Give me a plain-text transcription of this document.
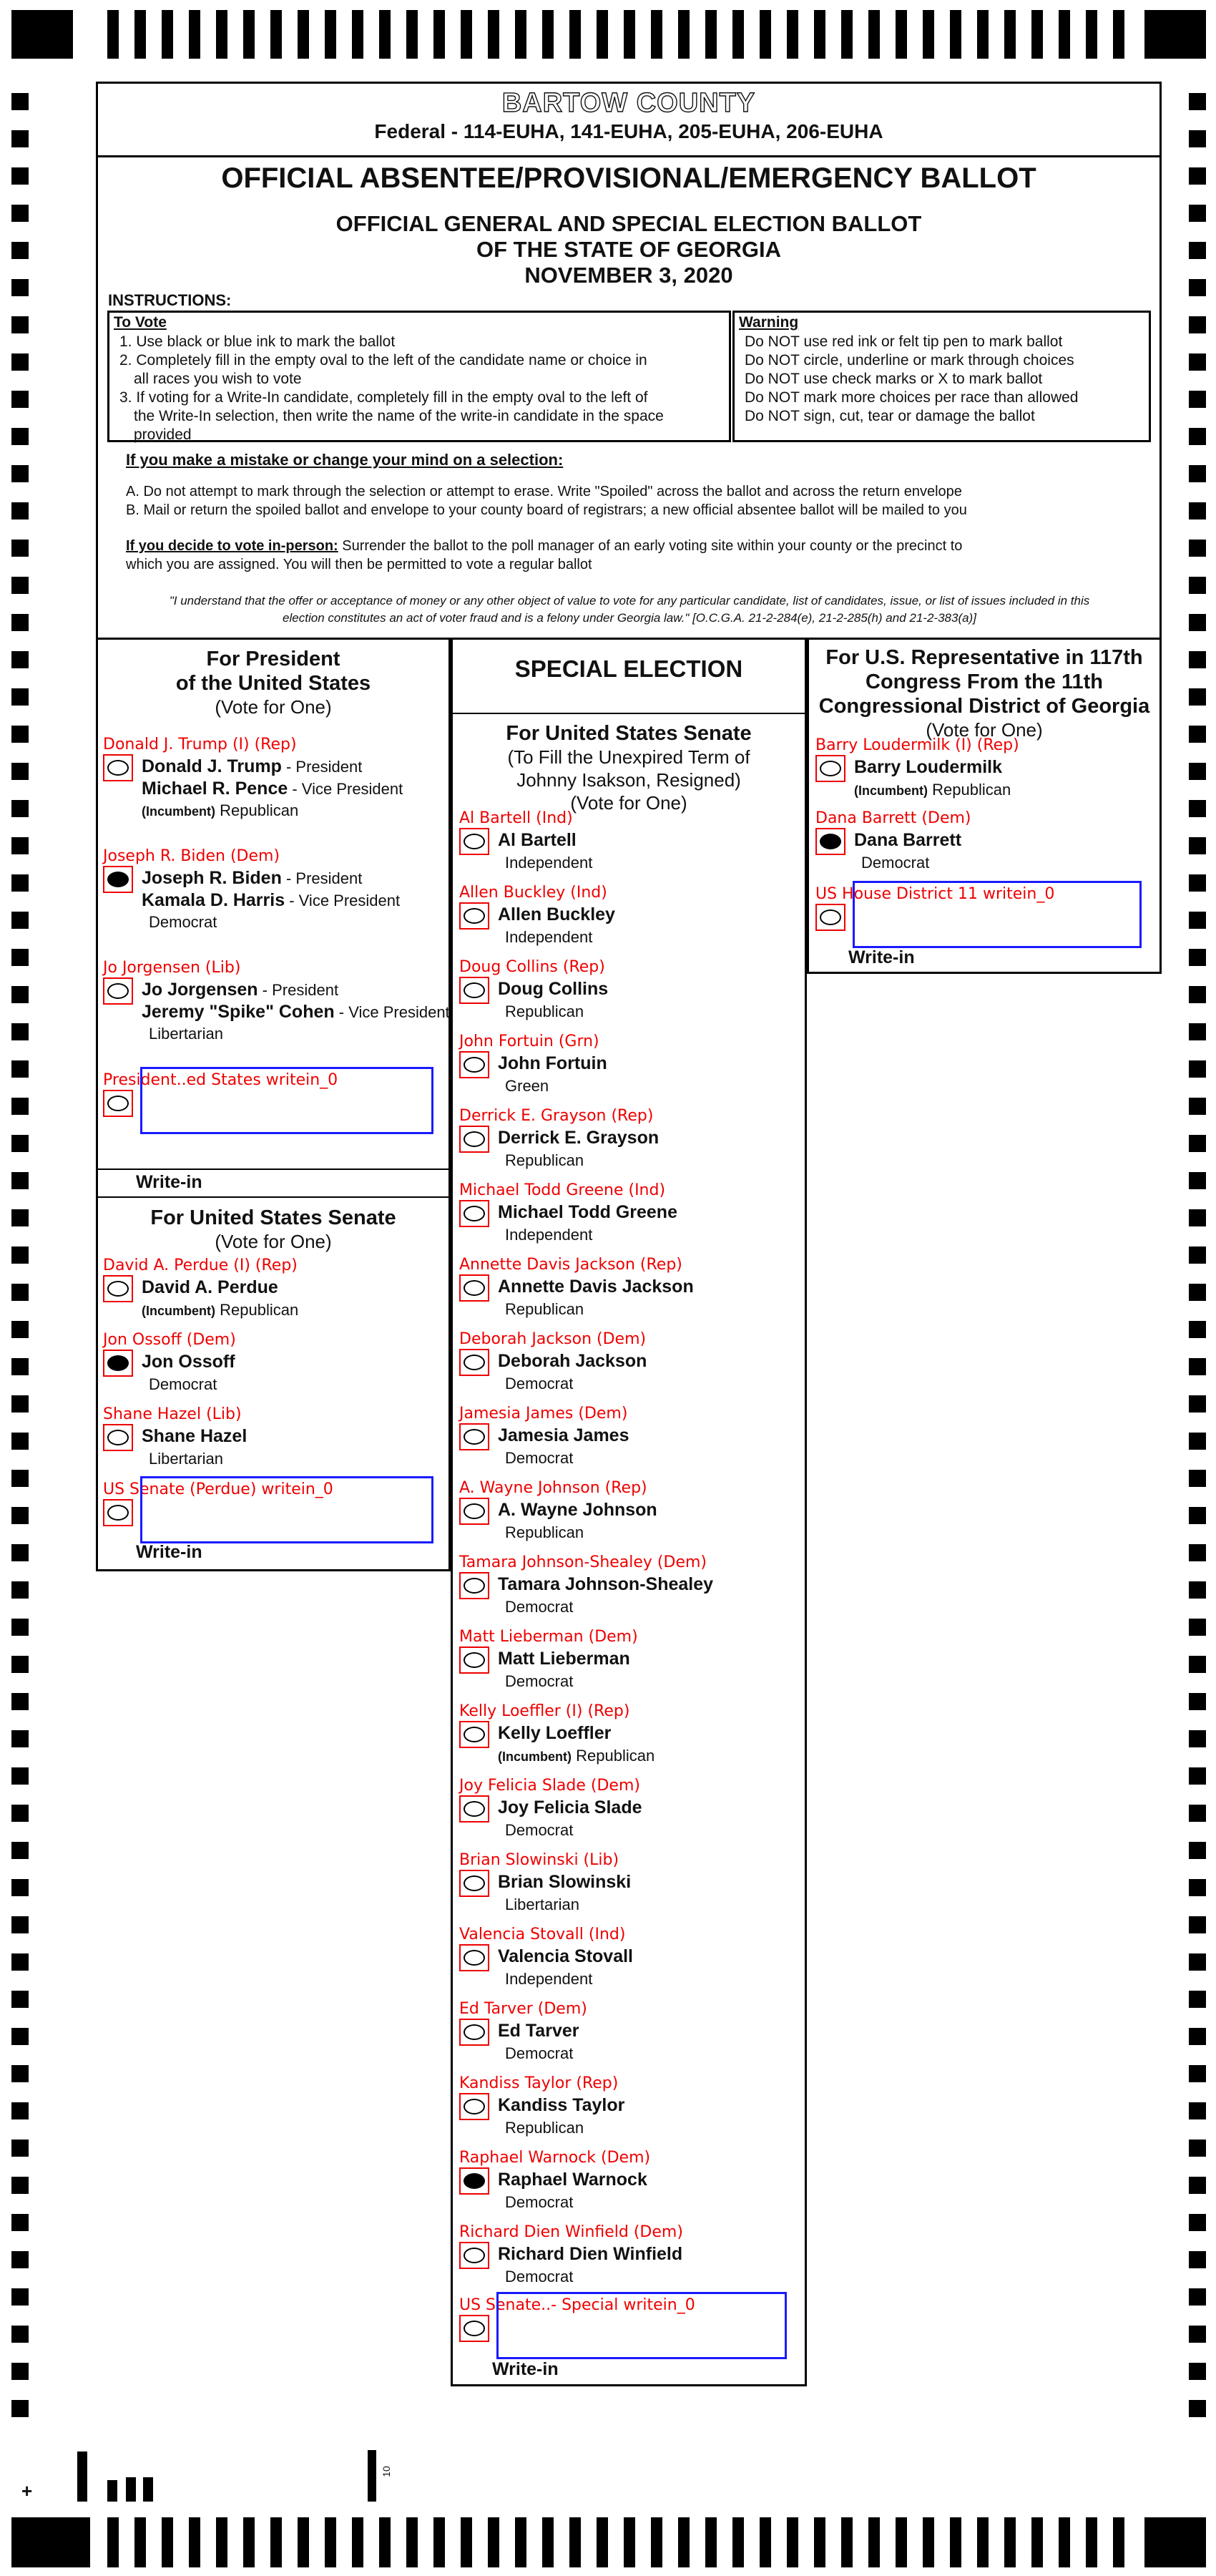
BARTOW COUNTY
Federal - 114-EUHA, 141-EUHA, 205-EUHA, 206-EUHA
OFFICIAL ABSENTEE/PROVISIONAL/EMERGENCY BALLOT
OFFICIAL GENERAL AND SPECIAL ELECTION BALLOT
OF THE STATE OF GEORGIA
NOVEMBER 3, 2020
INSTRUCTIONS:
To Vote
1. Use black or blue ink to mark the ballot
2. Completely fill in the empty oval to the left of the candidate name or choice in
all races you wish to vote
3. If voting for a Write-In candidate, completely fill in the empty oval to the left of
the Write-In selection, then write the name of the write-in candidate in the space
provided
Warning
Do NOT use red ink or felt tip pen to mark ballot
Do NOT circle, underline or mark through choices
Do NOT use check marks or X to mark ballot
Do NOT mark more choices per race than allowed
Do NOT sign, cut, tear or damage the ballot
If you make a mistake or change your mind on a selection:
A. Do not attempt to mark through the selection or attempt to erase. Write "Spoiled" across the ballot and across the return envelope
B. Mail or return the spoiled ballot and envelope to your county board of registrars; a new official absentee ballot will be mailed to you
If you decide to vote in-person: Surrender the ballot to the poll manager of an early voting site within your county or the precinct to
which you are assigned. You will then be permitted to vote a regular ballot
"I understand that the offer or acceptance of money or any other object of value to vote for any particular candidate, list of candidates, issue, or list of issues included in this
election constitutes an act of voter fraud and is a felony under Georgia law." [O.C.G.A. 21-2-284(e), 21-2-285(h) and 21-2-383(a)]
For President
of the United States
(Vote for One)
Donald J. Trump (I) (Rep)
Donald J. Trump - President
Michael R. Pence - Vice President
(Incumbent) Republican
Joseph R. Biden (Dem)
Joseph R. Biden - President
Kamala D. Harris - Vice President
Democrat
Jo Jorgensen (Lib)
Jo Jorgensen - President
Jeremy "Spike" Cohen - Vice President
Libertarian
President..ed States writein_0
Write-in
For United States Senate
(Vote for One)
David A. Perdue (I) (Rep)
David A. Perdue
(Incumbent) Republican
Jon Ossoff (Dem)
Jon Ossoff
Democrat
Shane Hazel (Lib)
Shane Hazel
Libertarian
US Senate (Perdue) writein_0
Write-in
SPECIAL ELECTION
For United States Senate
(To Fill the Unexpired Term of
Johnny Isakson, Resigned)
(Vote for One)
Al Bartell (Ind)
Al Bartell
Independent
Allen Buckley (Ind)
Allen Buckley
Independent
Doug Collins (Rep)
Doug Collins
Republican
John Fortuin (Grn)
John Fortuin
Green
Derrick E. Grayson (Rep)
Derrick E. Grayson
Republican
Michael Todd Greene (Ind)
Michael Todd Greene
Independent
Annette Davis Jackson (Rep)
Annette Davis Jackson
Republican
Deborah Jackson (Dem)
Deborah Jackson
Democrat
Jamesia James (Dem)
Jamesia James
Democrat
A. Wayne Johnson (Rep)
A. Wayne Johnson
Republican
Tamara Johnson-Shealey (Dem)
Tamara Johnson-Shealey
Democrat
Matt Lieberman (Dem)
Matt Lieberman
Democrat
Kelly Loeffler (I) (Rep)
Kelly Loeffler
(Incumbent) Republican
Joy Felicia Slade (Dem)
Joy Felicia Slade
Democrat
Brian Slowinski (Lib)
Brian Slowinski
Libertarian
Valencia Stovall (Ind)
Valencia Stovall
Independent
Ed Tarver (Dem)
Ed Tarver
Democrat
Kandiss Taylor (Rep)
Kandiss Taylor
Republican
Raphael Warnock (Dem)
Raphael Warnock
Democrat
Richard Dien Winfield (Dem)
Richard Dien Winfield
Democrat
US Senate..- Special writein_0
Write-in
For U.S. Representative in 117th
Congress From the 11th
Congressional District of Georgia
(Vote for One)
Barry Loudermilk (I) (Rep)
Barry Loudermilk
(Incumbent) Republican
Dana Barrett (Dem)
Dana Barrett
Democrat
US House District 11 writein_0
Write-in
+
10
